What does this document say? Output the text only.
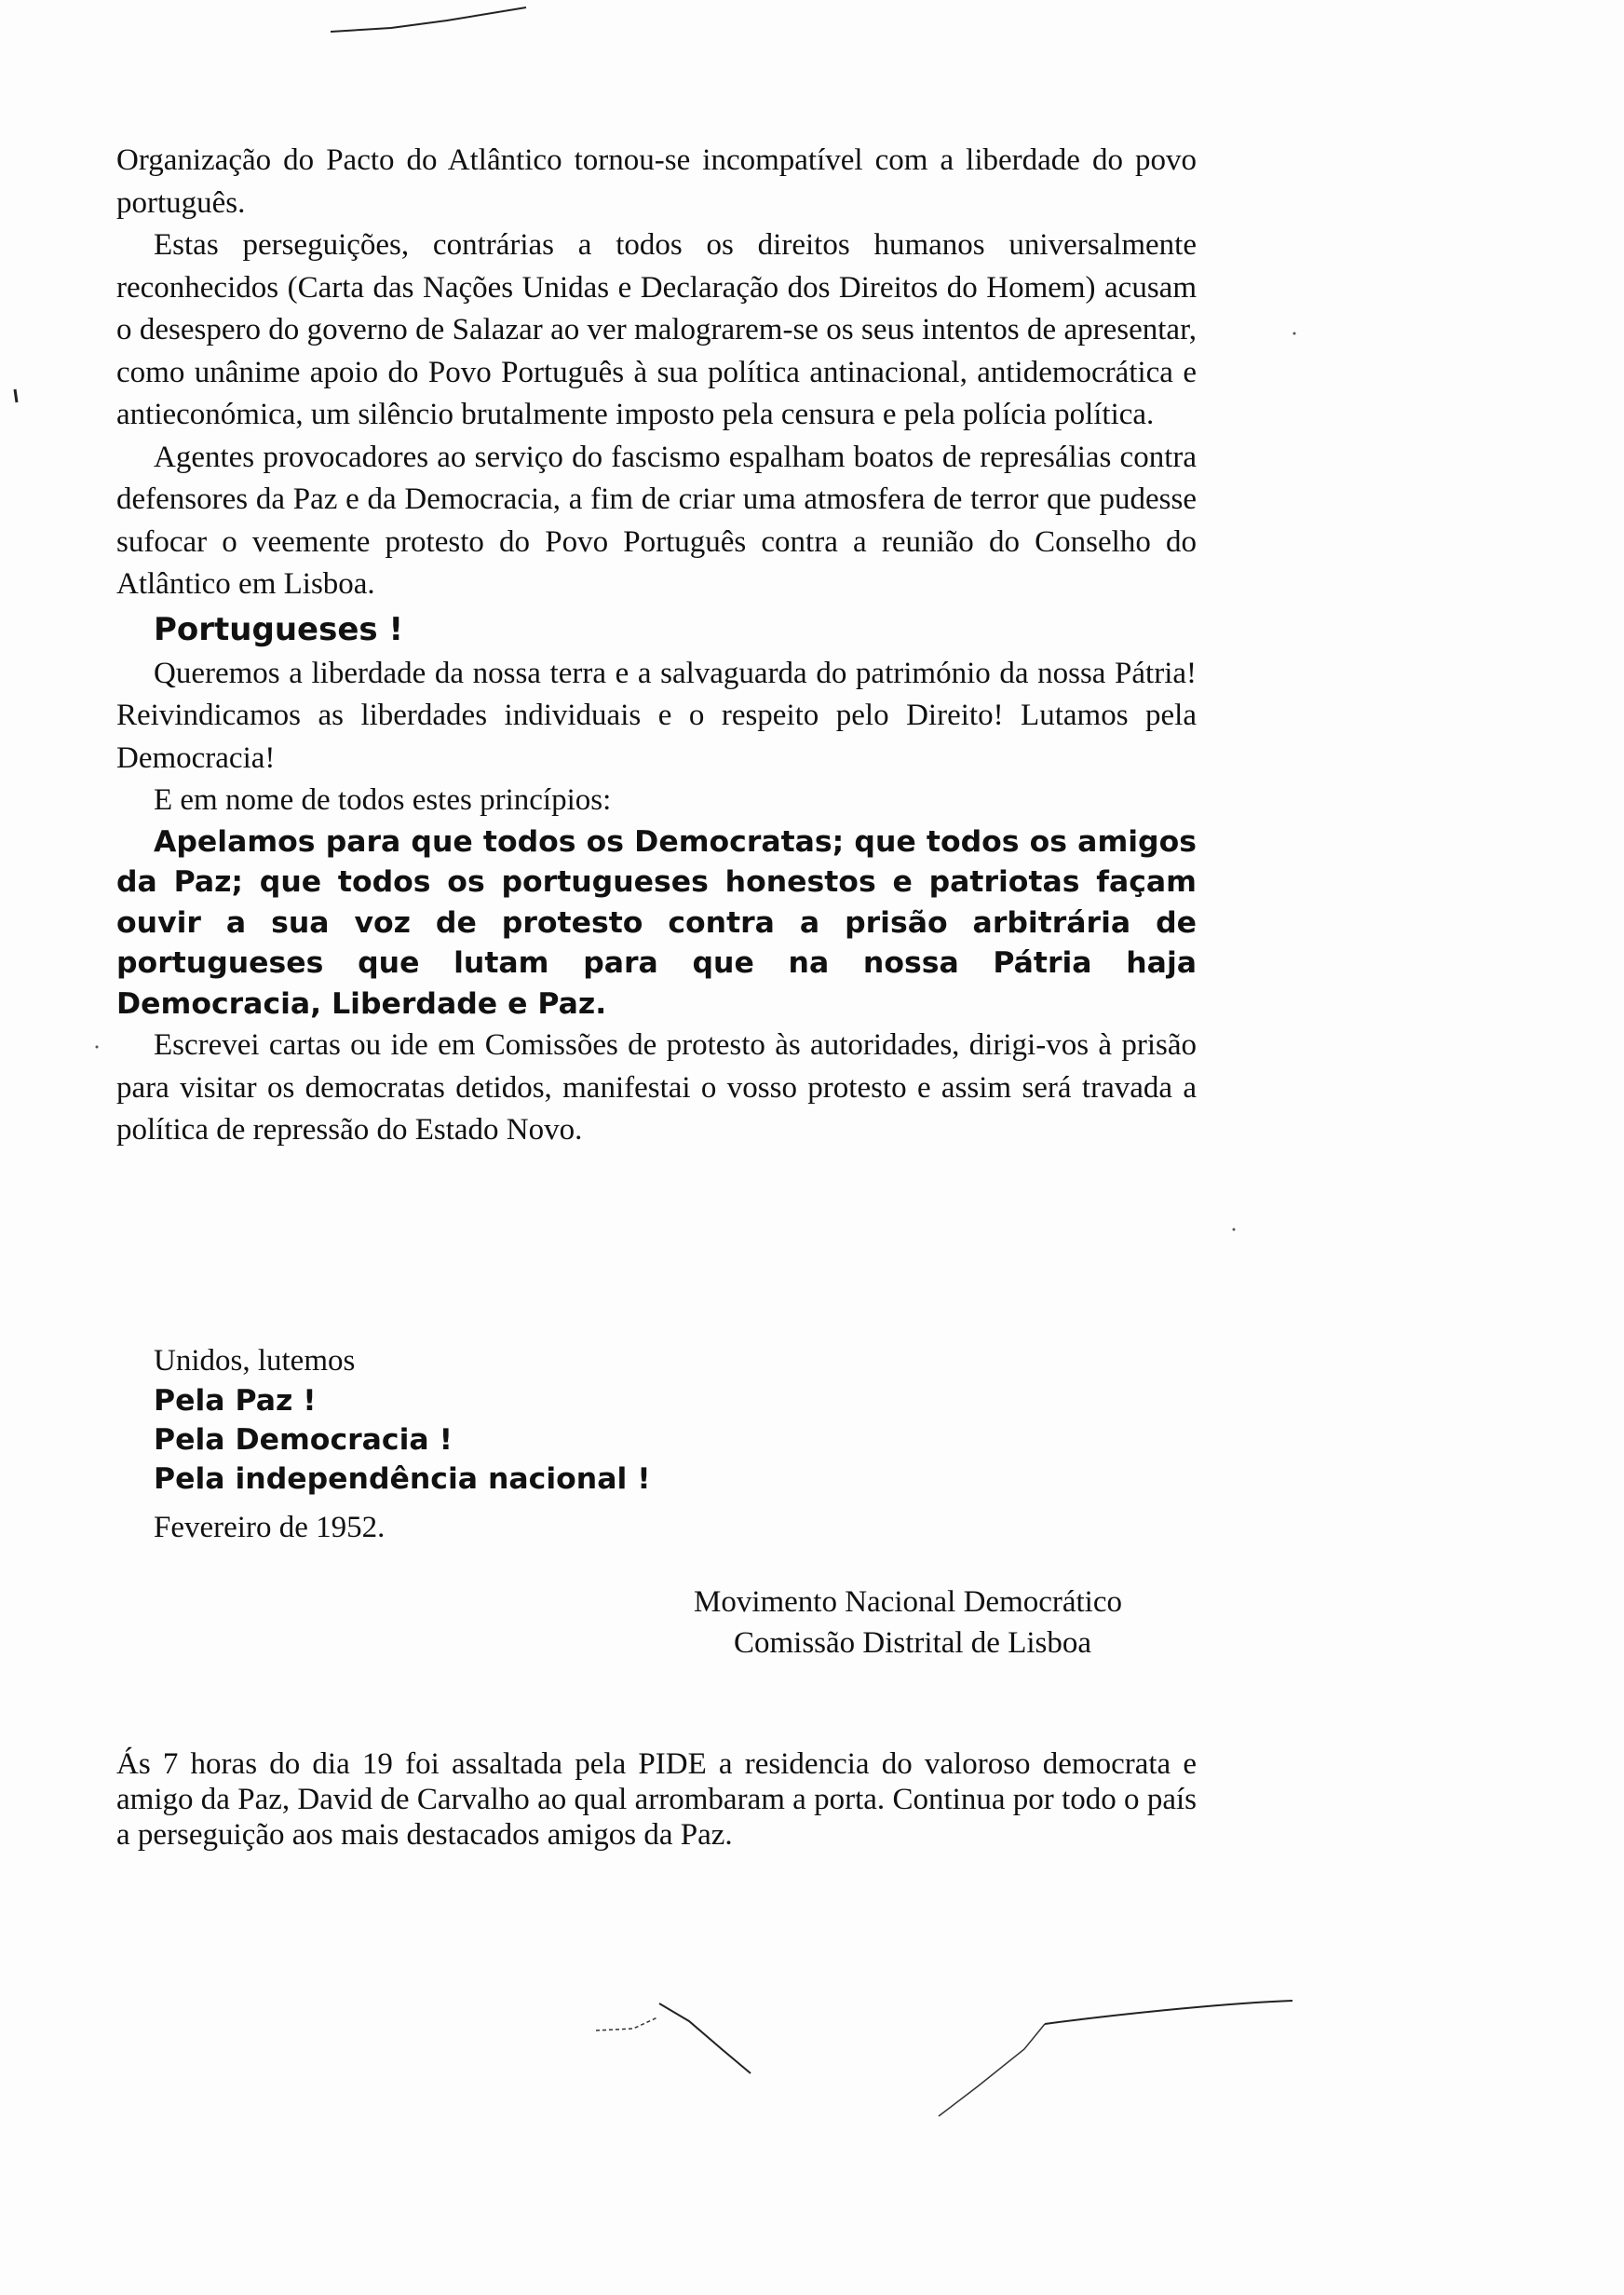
Organização do Pacto do Atlântico tornou-se incompatível com a liberdade do povo português.

Estas perseguições, contrárias a todos os direitos humanos universalmente reconhecidos (Carta das Nações Unidas e Declaração dos Direitos do Homem) acusam o desespero do governo de Salazar ao ver malograrem-se os seus intentos de apresentar, como unânime apoio do Povo Português à sua política antinacional, antidemocrática e antieconómica, um silêncio brutalmente imposto pela censura e pela polícia política.

Agentes provocadores ao serviço do fascismo espalham boatos de represálias contra defensores da Paz e da Democracia, a fim de criar uma atmosfera de terror que pudesse sufocar o veemente protesto do Povo Português contra a reunião do Conselho do Atlântico em Lisboa.

Portugueses !

Queremos a liberdade da nossa terra e a salvaguarda do património da nossa Pátria! Reivindicamos as liberdades individuais e o respeito pelo Direito! Lutamos pela Democracia!

E em nome de todos estes princípios:

Apelamos para que todos os Democratas; que todos os amigos da Paz; que todos os portugueses honestos e patriotas façam ouvir a sua voz de protesto contra a prisão arbitrária de portugueses que lutam para que na nossa Pátria haja Democracia, Liberdade e Paz.

Escrevei cartas ou ide em Comissões de protesto às autoridades, dirigi-vos à prisão para visitar os democratas detidos, manifestai o vosso protesto e assim será travada a política de repressão do Estado Novo.

Unidos, lutemos
Pela Paz !
Pela Democracia !
Pela independência nacional !
Fevereiro de 1952.
Movimento Nacional Democrático
Comissão Distrital de Lisboa

Ás 7 horas do dia 19 foi assaltada pela PIDE a residencia do valoroso democrata e amigo da Paz, David de Carvalho ao qual arrombaram a porta. Continua por todo o país a perseguição aos mais destacados amigos da Paz.
